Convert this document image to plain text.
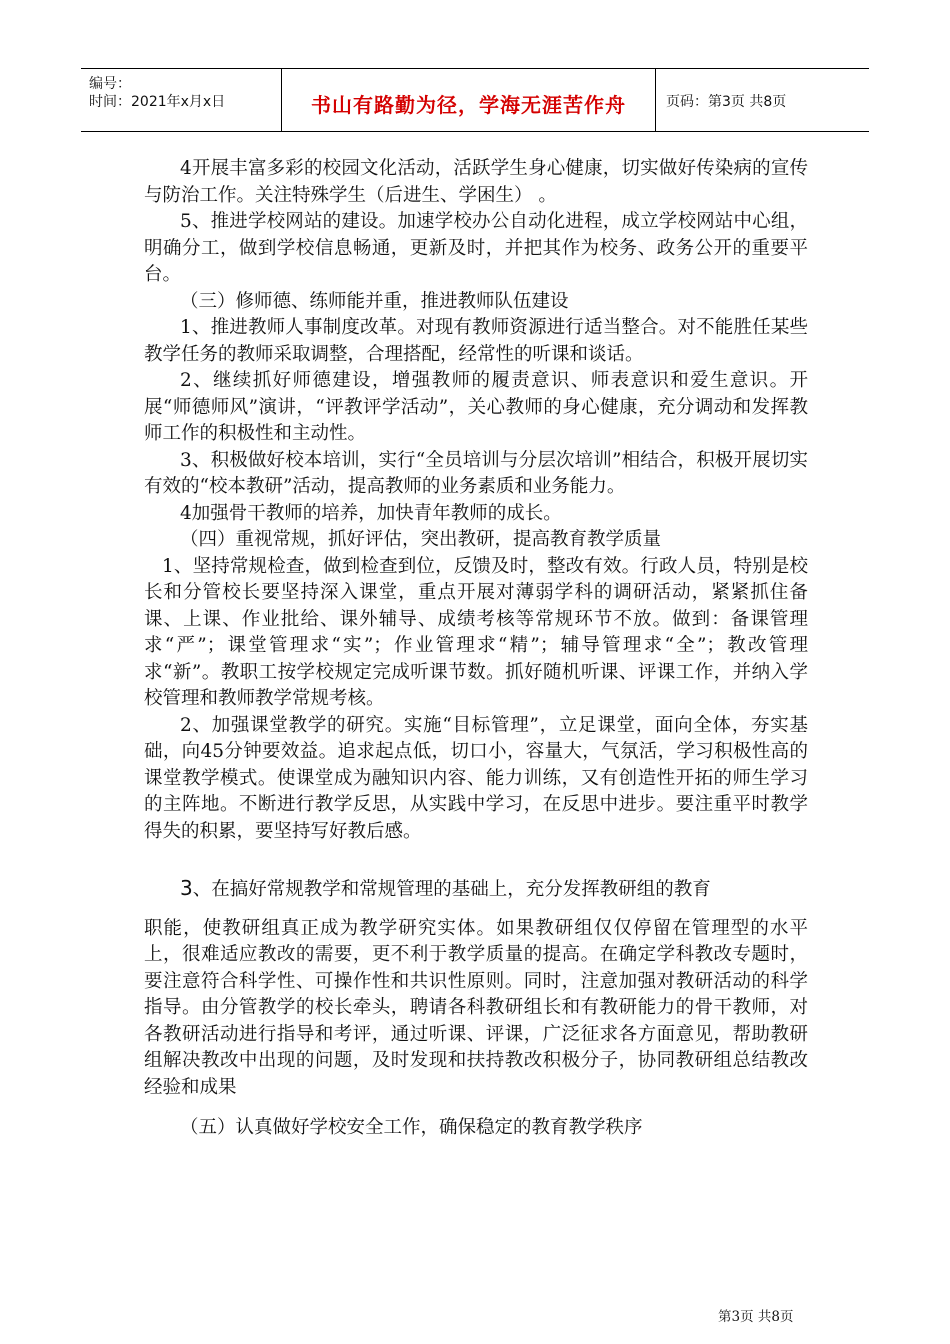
编号：
时间：2021年x月x日	书山有路勤为径，学海无涯苦作舟	页码：第3页 共8页

4开展丰富多彩的校园文化活动，活跃学生身心健康，切实做好传染病的宣传与防治工作。关注特殊学生（后进生、学困生） 。

5、推进学校网站的建设。加速学校办公自动化进程，成立学校网站中心组，明确分工，做到学校信息畅通，更新及时，并把其作为校务、政务公开的重要平台。

（三）修师德、练师能并重，推进教师队伍建设

1、推进教师人事制度改革。对现有教师资源进行适当整合。对不能胜任某些教学任务的教师采取调整，合理搭配，经常性的听课和谈话。

2、继续抓好师德建设，增强教师的履责意识、师表意识和爱生意识。开展“师德师风”演讲，“评教评学活动”，关心教师的身心健康，充分调动和发挥教师工作的积极性和主动性。

3、积极做好校本培训，实行“全员培训与分层次培训”相结合，积极开展切实有效的“校本教研”活动，提高教师的业务素质和业务能力。

4加强骨干教师的培养，加快青年教师的成长。

（四）重视常规，抓好评估，突出教研，提高教育教学质量

1、坚持常规检查，做到检查到位，反馈及时，整改有效。行政人员，特别是校长和分管校长要坚持深入课堂，重点开展对薄弱学科的调研活动，紧紧抓住备课、上课、作业批给、课外辅导、成绩考核等常规环节不放。做到：备课管理求“严”；课堂管理求“实”；作业管理求“精”；辅导管理求“全”；教改管理求“新”。教职工按学校规定完成听课节数。抓好随机听课、评课工作，并纳入学校管理和教师教学常规考核。

2、加强课堂教学的研究。实施“目标管理”，立足课堂，面向全体，夯实基础，向45分钟要效益。追求起点低，切口小，容量大，气氛活，学习积极性高的课堂教学模式。使课堂成为融知识内容、能力训练，又有创造性开拓的师生学习的主阵地。不断进行教学反思，从实践中学习，在反思中进步。要注重平时教学得失的积累，要坚持写好教后感。

3、在搞好常规教学和常规管理的基础上，充分发挥教研组的教育

职能，使教研组真正成为教学研究实体。如果教研组仅仅停留在管理型的水平上，很难适应教改的需要，更不利于教学质量的提高。在确定学科教改专题时，要注意符合科学性、可操作性和共识性原则。同时，注意加强对教研活动的科学指导。由分管教学的校长牵头，聘请各科教研组长和有教研能力的骨干教师，对各教研活动进行指导和考评，通过听课、评课，广泛征求各方面意见，帮助教研组解决教改中出现的问题，及时发现和扶持教改积极分子，协同教研组总结教改经验和成果

（五）认真做好学校安全工作，确保稳定的教育教学秩序

第3页 共8页
